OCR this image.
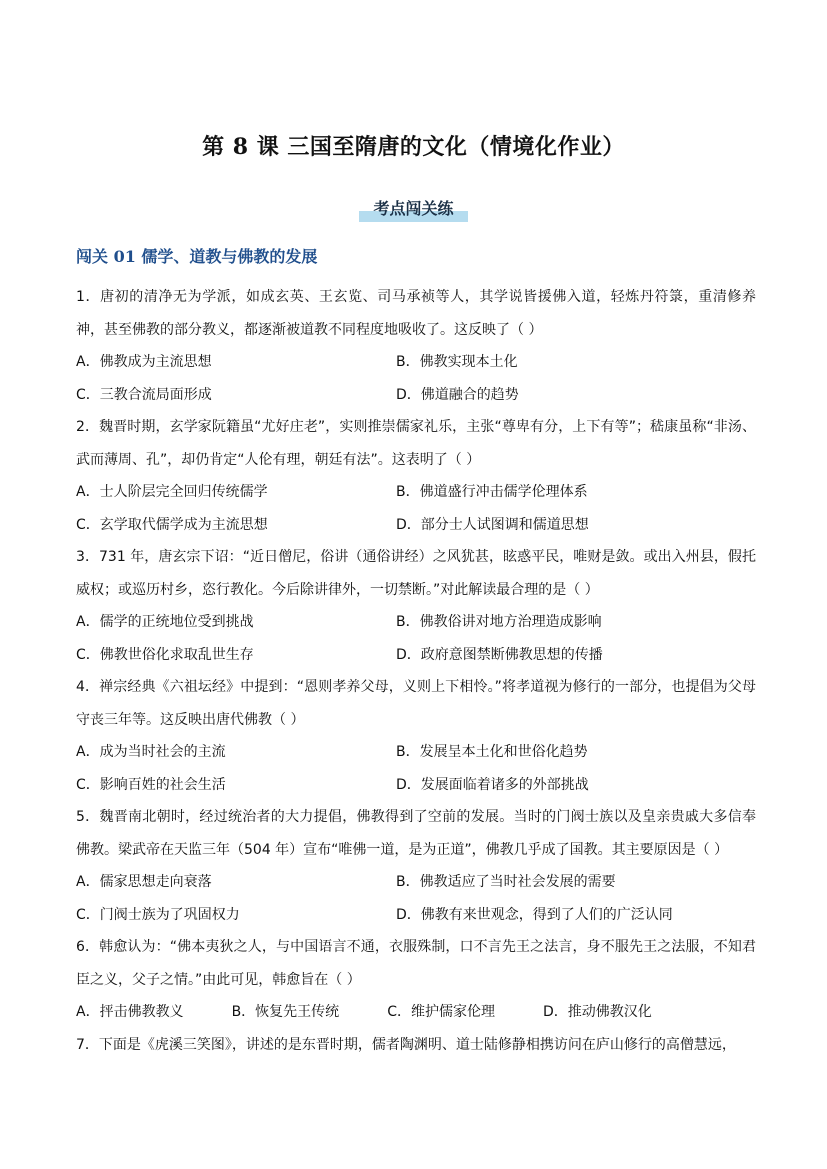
第 8 课 三国至隋唐的文化（情境化作业）
考点闯关练
闯关 01 儒学、道教与佛教的发展

1．唐初的清净无为学派，如成玄英、王玄览、司马承祯等人，其学说皆援佛入道，轻炼丹符箓，重清修养神，甚至佛教的部分教义，都逐渐被道教不同程度地吸收了。这反映了（ ）

A．佛教成为主流思想	B．佛教实现本土化
C．三教合流局面形成	D．佛道融合的趋势

2．魏晋时期，玄学家阮籍虽“尤好庄老”，实则推崇儒家礼乐，主张“尊卑有分，上下有等”；嵇康虽称“非汤、武而薄周、孔”，却仍肯定“人伦有理，朝廷有法”。这表明了（ ）

A．士人阶层完全回归传统儒学	B．佛道盛行冲击儒学伦理体系
C．玄学取代儒学成为主流思想	D．部分士人试图调和儒道思想

3．731 年，唐玄宗下诏：“近日僧尼，俗讲（通俗讲经）之风犹甚，眩惑平民，唯财是敛。或出入州县，假托威权；或巡历村乡，恣行教化。今后除讲律外，一切禁断。”对此解读最合理的是（ ）

A．儒学的正统地位受到挑战	B．佛教俗讲对地方治理造成影响
C．佛教世俗化求取乱世生存	D．政府意图禁断佛教思想的传播

4．禅宗经典《六祖坛经》中提到：“恩则孝养父母，义则上下相怜。”将孝道视为修行的一部分，也提倡为父母守丧三年等。这反映出唐代佛教（ ）

A．成为当时社会的主流	B．发展呈本土化和世俗化趋势
C．影响百姓的社会生活	D．发展面临着诸多的外部挑战

5．魏晋南北朝时，经过统治者的大力提倡，佛教得到了空前的发展。当时的门阀士族以及皇亲贵戚大多信奉佛教。梁武帝在天监三年（504 年）宣布“唯佛一道，是为正道”，佛教几乎成了国教。其主要原因是（ ）

A．儒家思想走向衰落	B．佛教适应了当时社会发展的需要
C．门阀士族为了巩固权力	D．佛教有来世观念，得到了人们的广泛认同

6．韩愈认为：“佛本夷狄之人，与中国语言不通，衣服殊制，口不言先王之法言，身不服先王之法服，不知君臣之义，父子之情。”由此可见，韩愈旨在（ ）

A．抨击佛教教义	B．恢复先王传统	C．维护儒家伦理	D．推动佛教汉化

7．下面是《虎溪三笑图》，讲述的是东晋时期，儒者陶渊明、道士陆修静相携访问在庐山修行的高僧慧远，
